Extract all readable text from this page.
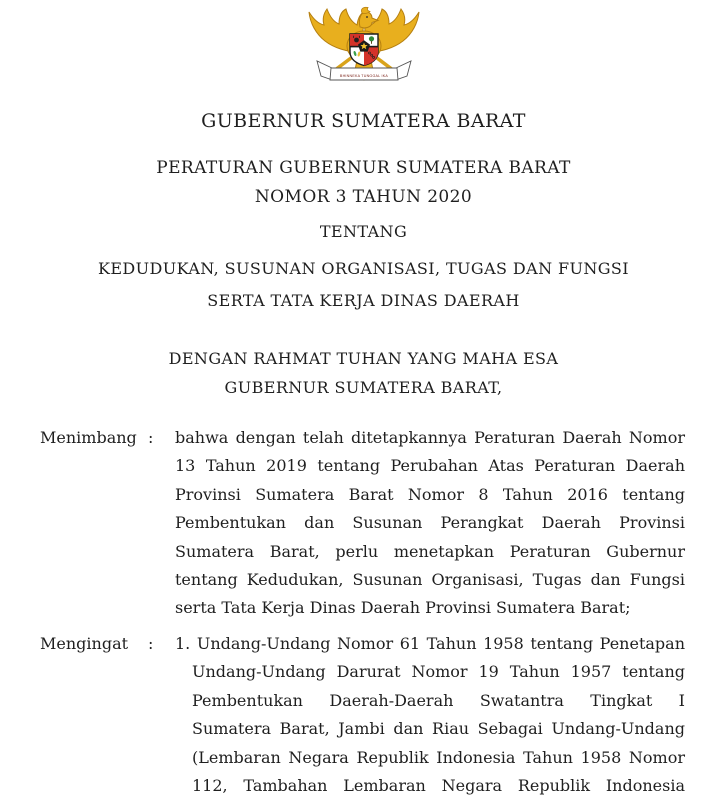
BHINNEKA TUNGGAL IKA
GUBERNUR SUMATERA BARAT
PERATURAN GUBERNUR SUMATERA BARAT
NOMOR 3 TAHUN 2020
TENTANG
KEDUDUKAN, SUSUNAN ORGANISASI, TUGAS DAN FUNGSI
SERTA TATA KERJA DINAS DAERAH
DENGAN RAHMAT TUHAN YANG MAHA ESA
GUBERNUR SUMATERA BARAT,
Menimbang :	bahwa dengan telah ditetapkannya Peraturan Daerah Nomor
13 Tahun 2019 tentang Perubahan Atas Peraturan Daerah
Provinsi Sumatera Barat Nomor 8 Tahun 2016 tentang
Pembentukan dan Susunan Perangkat Daerah Provinsi
Sumatera Barat, perlu menetapkan Peraturan Gubernur
tentang Kedudukan, Susunan Organisasi, Tugas dan Fungsi
serta Tata Kerja Dinas Daerah Provinsi Sumatera Barat;
Mengingat	:	1. Undang-Undang Nomor 61 Tahun 1958 tentang Penetapan
Undang-Undang Darurat Nomor 19 Tahun 1957 tentang
Pembentukan Daerah-Daerah Swatantra Tingkat I
Sumatera Barat, Jambi dan Riau Sebagai Undang-Undang
(Lembaran Negara Republik Indonesia Tahun 1958 Nomor
112, Tambahan Lembaran Negara Republik Indonesia
